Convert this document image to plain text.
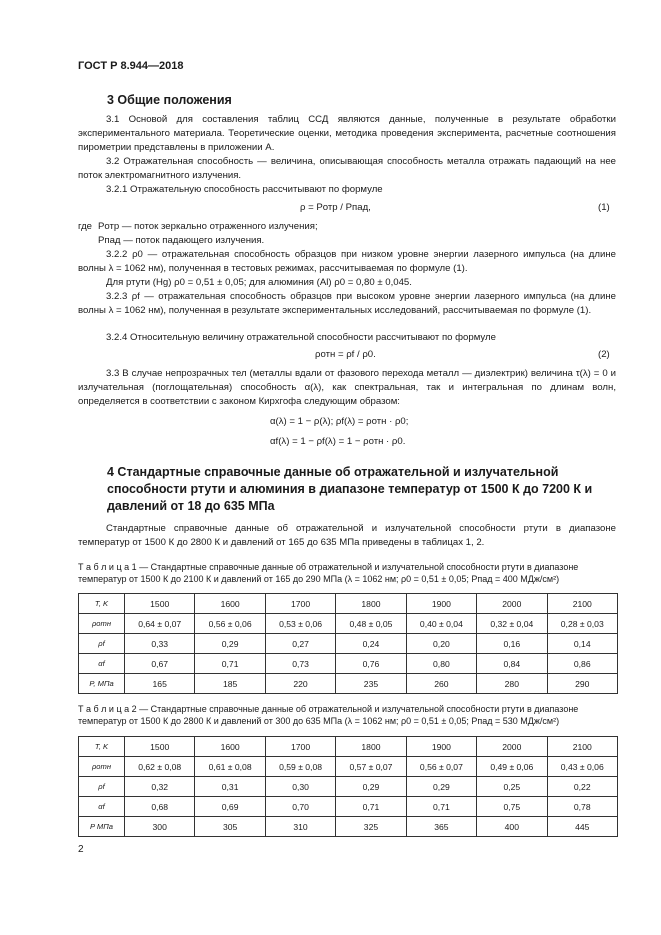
ГОСТ Р 8.944—2018
3 Общие положения
3.1 Основой для составления таблиц ССД являются данные, полученные в результате обработки экспериментального материала. Теоретические оценки, методика проведения эксперимента, расчетные соотношения пирометрии представлены в приложении А.
3.2 Отражательная способность — величина, описывающая способность металла отражать падающий на нее поток электромагнитного излучения.
3.2.1 Отражательную способность рассчитывают по формуле
ρ = Pотр / Pпад,	(1)
где Pотр — поток зеркально отраженного излучения;
Pпад — поток падающего излучения.
3.2.2 ρ0 — отражательная способность образцов при низком уровне энергии лазерного импульса (на длине волны λ = 1062 нм), полученная в тестовых режимах, рассчитываемая по формуле (1).
Для ртути (Hg) ρ0 = 0,51 ± 0,05; для алюминия (Al) ρ0 = 0,80 ± 0,045.
3.2.3 ρf — отражательная способность образцов при высоком уровне энергии лазерного импульса (на длине волны λ = 1062 нм), полученная в результате экспериментальных исследований, рассчитываемая по формуле (1).
3.2.4 Относительную величину отражательной способности рассчитывают по формуле
ρотн = ρf / ρ0.	(2)
3.3 В случае непрозрачных тел (металлы вдали от фазового перехода металл — диэлектрик) величина τ(λ) = 0 и излучательная (поглощательная) способность α(λ), как спектральная, так и интегральная по длинам волн, определяется в соответствии с законом Кирхгофа следующим образом:
α(λ) = 1 − ρ(λ); ρf(λ) = ρотн · ρ0;
αf(λ) = 1 − ρf(λ) = 1 − ρотн · ρ0.
4 Стандартные справочные данные об отражательной и излучательной способности ртути и алюминия в диапазоне температур от 1500 К до 7200 К и давлений от 18 до 635 МПа
Стандартные справочные данные об отражательной и излучательной способности ртути в диапазоне температур от 1500 К до 2800 К и давлений от 165 до 635 МПа приведены в таблицах 1, 2.
Т а б л и ц а 1 — Стандартные справочные данные об отражательной и излучательной способности ртути в диапазоне температур от 1500 К до 2100 К и давлений от 165 до 290 МПа (λ = 1062 нм; ρ0 = 0,51 ± 0,05; Pпад = 400 МДж/см²)
T, K	1500	1600	1700	1800	1900	2000	2100
ρотн	0,64 ± 0,07	0,56 ± 0,06	0,53 ± 0,06	0,48 ± 0,05	0,40 ± 0,04	0,32 ± 0,04	0,28 ± 0,03
ρf	0,33	0,29	0,27	0,24	0,20	0,16	0,14
αf	0,67	0,71	0,73	0,76	0,80	0,84	0,86
P, МПа	165	185	220	235	260	280	290
Т а б л и ц а 2 — Стандартные справочные данные об отражательной и излучательной способности ртути в диапазоне температур от 1500 К до 2800 К и давлений от 300 до 635 МПа (λ = 1062 нм; ρ0 = 0,51 ± 0,05; Pпад = 530 МДж/см²)
T, K	1500	1600	1700	1800	1900	2000	2100
ρотн	0,62 ± 0,08	0,61 ± 0,08	0,59 ± 0,08	0,57 ± 0,07	0,56 ± 0,07	0,49 ± 0,06	0,43 ± 0,06
ρf	0,32	0,31	0,30	0,29	0,29	0,25	0,22
αf	0,68	0,69	0,70	0,71	0,71	0,75	0,78
P МПа	300	305	310	325	365	400	445
2
